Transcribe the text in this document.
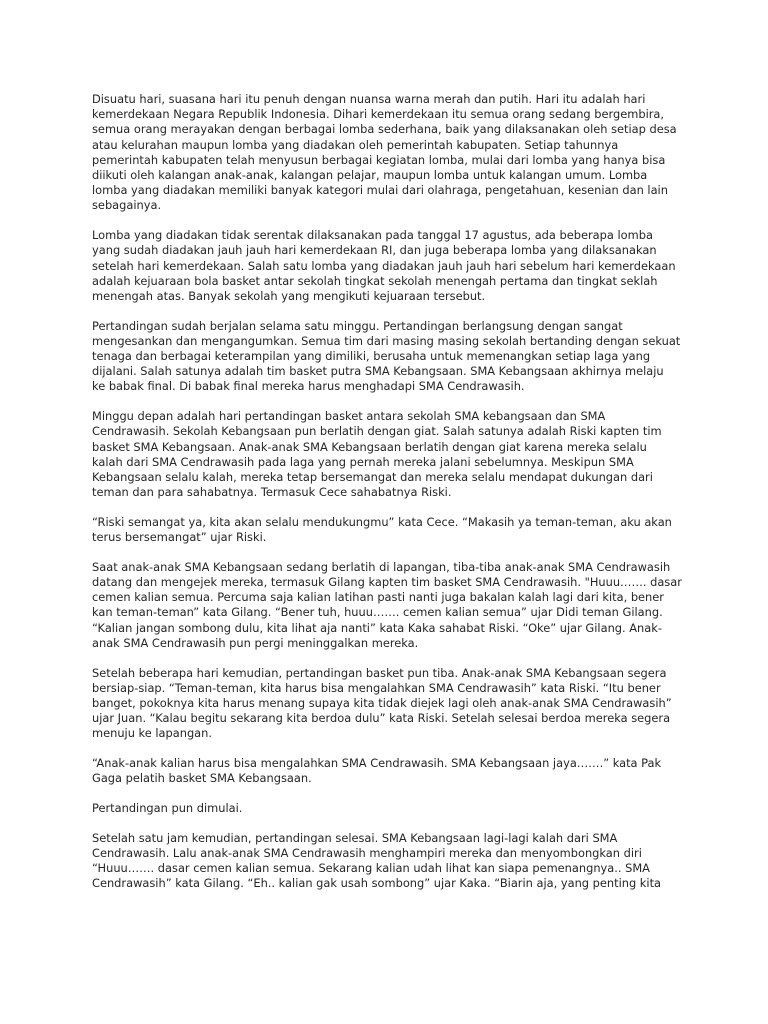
Disuatu hari, suasana hari itu penuh dengan nuansa warna merah dan putih. Hari itu adalah hari
kemerdekaan Negara Republik Indonesia. Dihari kemerdekaan itu semua orang sedang bergembira,
semua orang merayakan dengan berbagai lomba sederhana, baik yang dilaksanakan oleh setiap desa
atau kelurahan maupun lomba yang diadakan oleh pemerintah kabupaten. Setiap tahunnya
pemerintah kabupaten telah menyusun berbagai kegiatan lomba, mulai dari lomba yang hanya bisa
diikuti oleh kalangan anak-anak, kalangan pelajar, maupun lomba untuk kalangan umum. Lomba
lomba yang diadakan memiliki banyak kategori mulai dari olahraga, pengetahuan, kesenian dan lain
sebagainya.

Lomba yang diadakan tidak serentak dilaksanakan pada tanggal 17 agustus, ada beberapa lomba
yang sudah diadakan jauh jauh hari kemerdekaan RI, dan juga beberapa lomba yang dilaksanakan
setelah hari kemerdekaan. Salah satu lomba yang diadakan jauh jauh hari sebelum hari kemerdekaan
adalah kejuaraan bola basket antar sekolah tingkat sekolah menengah pertama dan tingkat seklah
menengah atas. Banyak sekolah yang mengikuti kejuaraan tersebut.

Pertandingan sudah berjalan selama satu minggu. Pertandingan berlangsung dengan sangat
mengesankan dan mengangumkan. Semua tim dari masing masing sekolah bertanding dengan sekuat
tenaga dan berbagai keterampilan yang dimiliki, berusaha untuk memenangkan setiap laga yang
dijalani. Salah satunya adalah tim basket putra SMA Kebangsaan. SMA Kebangsaan akhirnya melaju
ke babak final. Di babak final mereka harus menghadapi SMA Cendrawasih.

Minggu depan adalah hari pertandingan basket antara sekolah SMA kebangsaan dan SMA
Cendrawasih. Sekolah Kebangsaan pun berlatih dengan giat. Salah satunya adalah Riski kapten tim
basket SMA Kebangsaan. Anak-anak SMA Kebangsaan berlatih dengan giat karena mereka selalu
kalah dari SMA Cendrawasih pada laga yang pernah mereka jalani sebelumnya. Meskipun SMA
Kebangsaan selalu kalah, mereka tetap bersemangat dan mereka selalu mendapat dukungan dari
teman dan para sahabatnya. Termasuk Cece sahabatnya Riski.

“Riski semangat ya, kita akan selalu mendukungmu” kata Cece. “Makasih ya teman-teman, aku akan
terus bersemangat” ujar Riski.

Saat anak-anak SMA Kebangsaan sedang berlatih di lapangan, tiba-tiba anak-anak SMA Cendrawasih
datang dan mengejek mereka, termasuk Gilang kapten tim basket SMA Cendrawasih. "Huuu……. dasar
cemen kalian semua. Percuma saja kalian latihan pasti nanti juga bakalan kalah lagi dari kita, bener
kan teman-teman” kata Gilang. “Bener tuh, huuu……. cemen kalian semua” ujar Didi teman Gilang.
“Kalian jangan sombong dulu, kita lihat aja nanti” kata Kaka sahabat Riski. “Oke” ujar Gilang. Anak-
anak SMA Cendrawasih pun pergi meninggalkan mereka.

Setelah beberapa hari kemudian, pertandingan basket pun tiba. Anak-anak SMA Kebangsaan segera
bersiap-siap. “Teman-teman, kita harus bisa mengalahkan SMA Cendrawasih” kata Riski. “Itu bener
banget, pokoknya kita harus menang supaya kita tidak diejek lagi oleh anak-anak SMA Cendrawasih”
ujar Juan. “Kalau begitu sekarang kita berdoa dulu” kata Riski. Setelah selesai berdoa mereka segera
menuju ke lapangan.

“Anak-anak kalian harus bisa mengalahkan SMA Cendrawasih. SMA Kebangsaan jaya…….” kata Pak
Gaga pelatih basket SMA Kebangsaan.

Pertandingan pun dimulai.

Setelah satu jam kemudian, pertandingan selesai. SMA Kebangsaan lagi-lagi kalah dari SMA
Cendrawasih. Lalu anak-anak SMA Cendrawasih menghampiri mereka dan menyombongkan diri
“Huuu……. dasar cemen kalian semua. Sekarang kalian udah lihat kan siapa pemenangnya.. SMA
Cendrawasih” kata Gilang. “Eh.. kalian gak usah sombong” ujar Kaka. “Biarin aja, yang penting kita
